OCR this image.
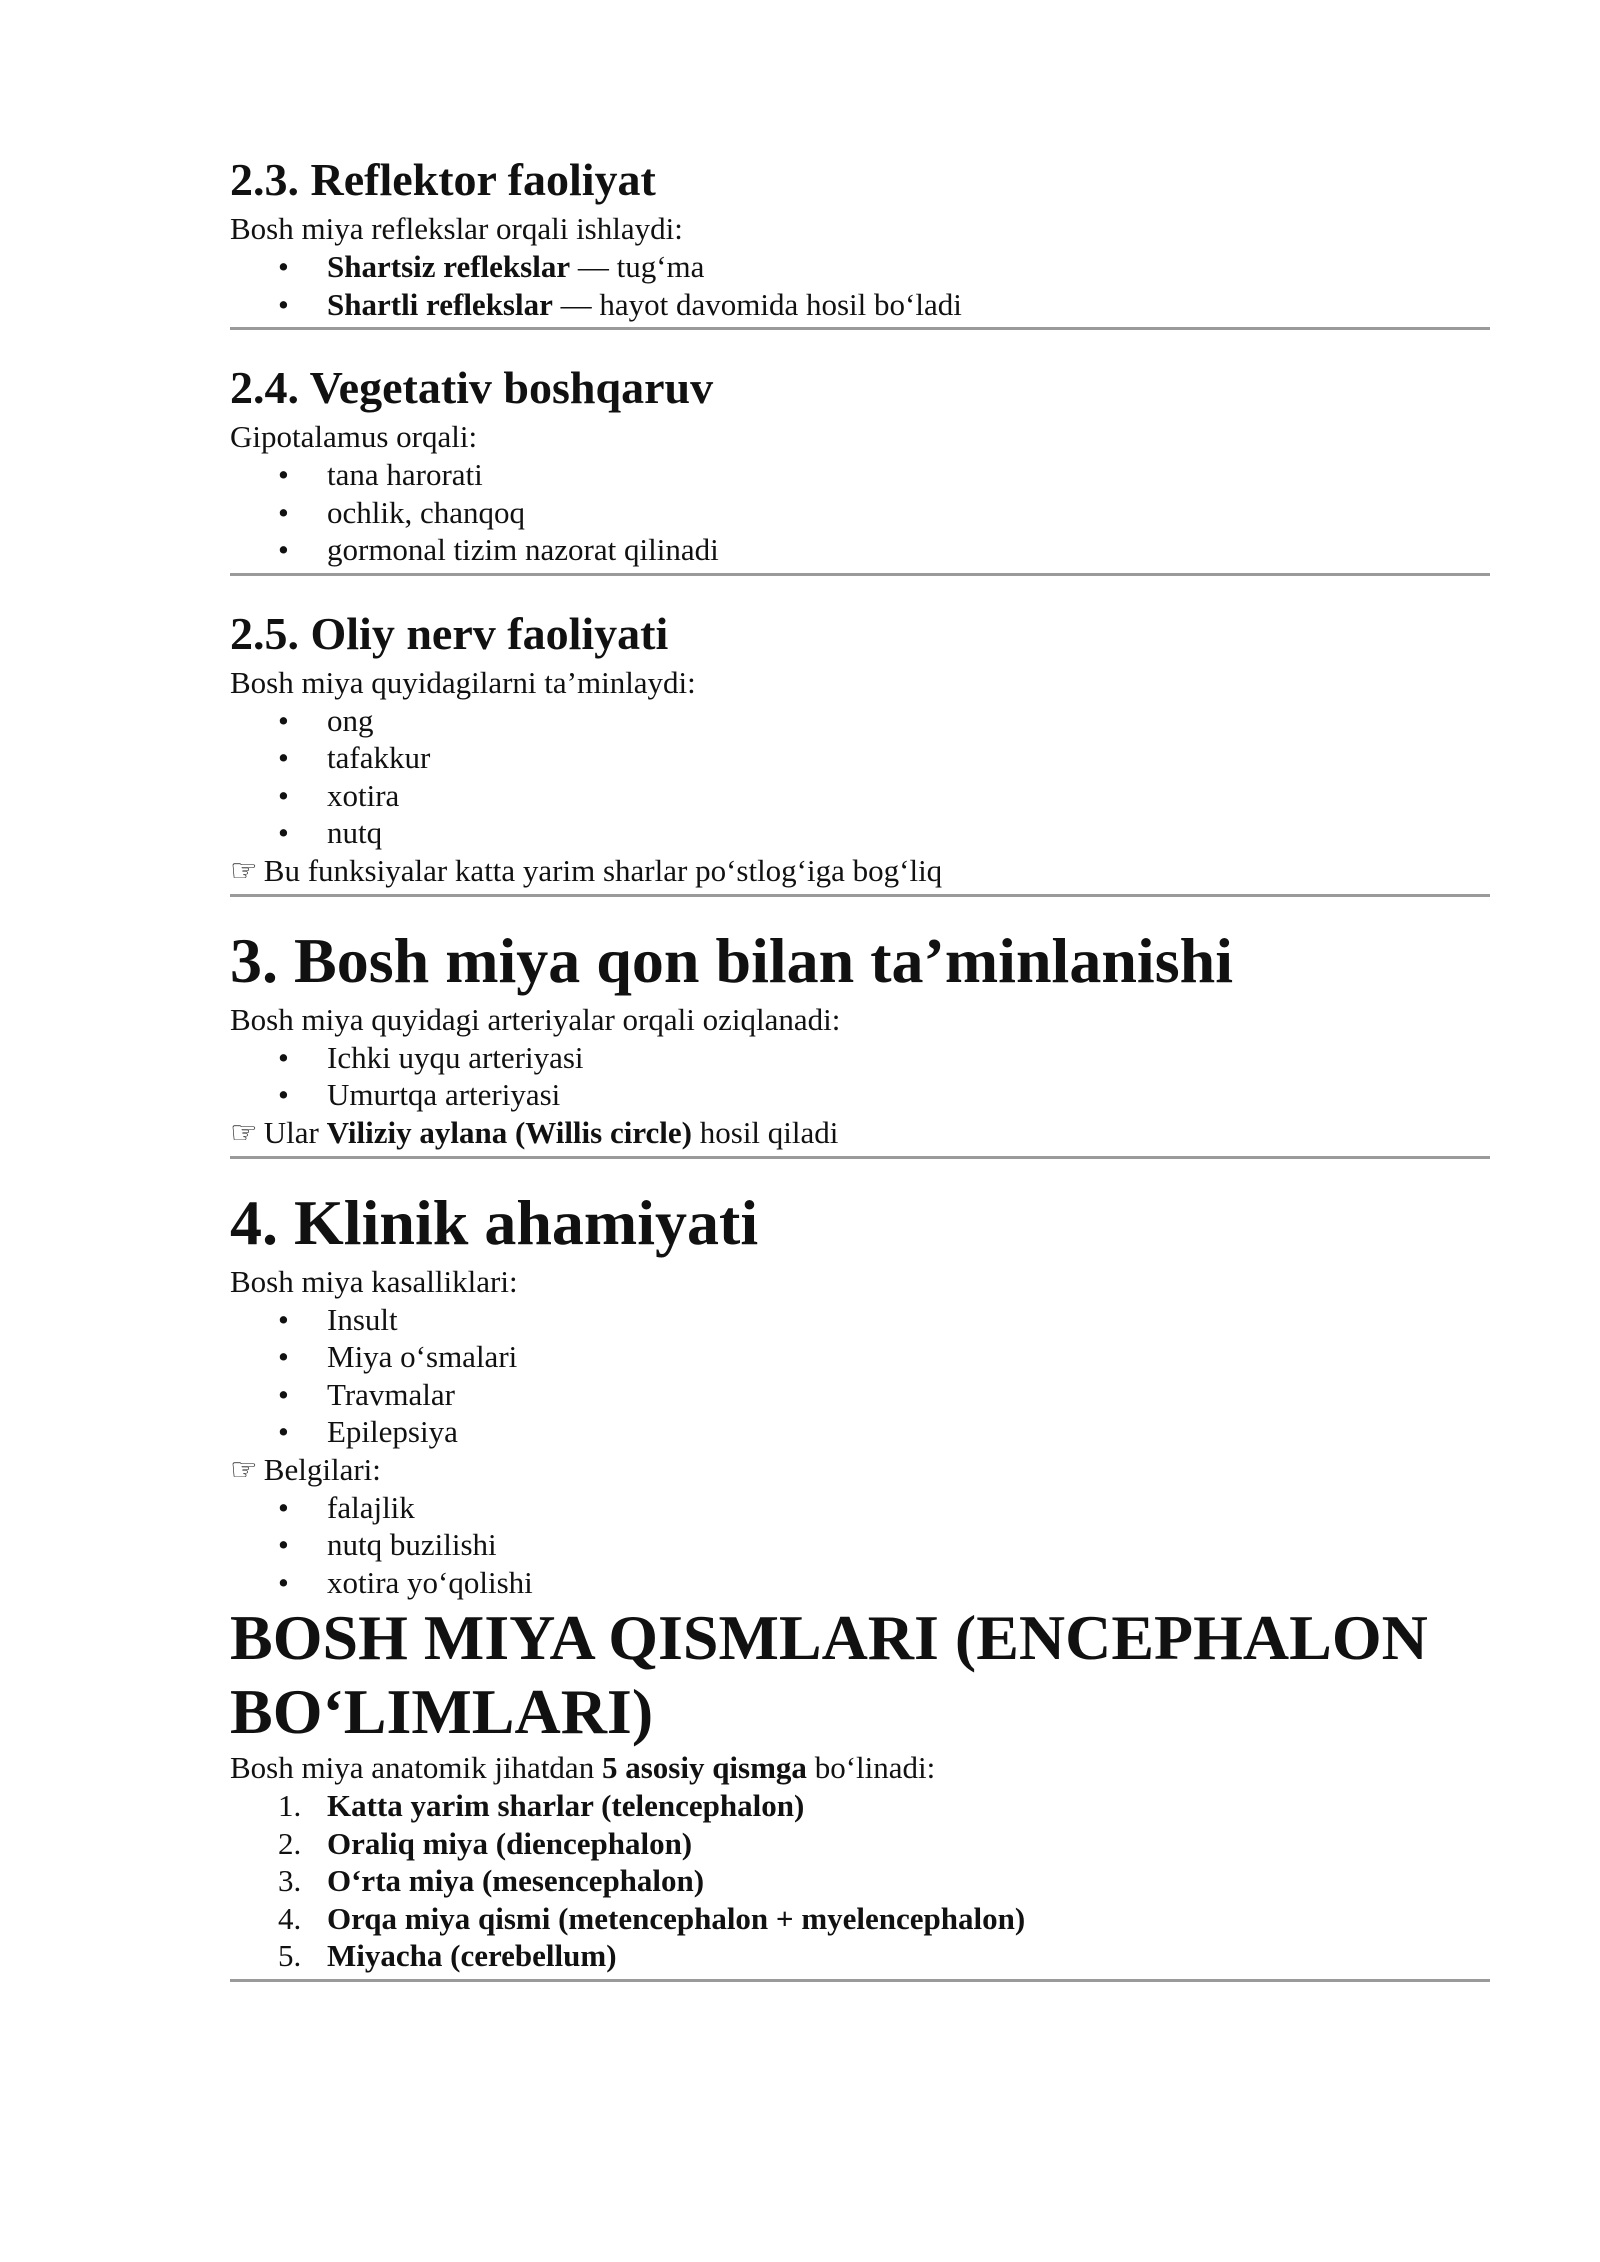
2.3. Reflektor faoliyat

Bosh miya reflekslar orqali ishlaydi:

• Shartsiz reflekslar — tug‘ma
• Shartli reflekslar — hayot davomida hosil bo‘ladi
2.4. Vegetativ boshqaruv

Gipotalamus orqali:

• tana harorati
• ochlik, chanqoq
• gormonal tizim nazorat qilinadi
2.5. Oliy nerv faoliyati

Bosh miya quyidagilarni ta’minlaydi:

• ong
• tafakkur
• xotira
• nutq

☞ Bu funksiyalar katta yarim sharlar po‘stlog‘iga bog‘liq

3. Bosh miya qon bilan ta’minlanishi

Bosh miya quyidagi arteriyalar orqali oziqlanadi:

• Ichki uyqu arteriyasi
• Umurtqa arteriyasi

☞ Ular Viliziy aylana (Willis circle) hosil qiladi

4. Klinik ahamiyati

Bosh miya kasalliklari:

• Insult
• Miya o‘smalari
• Travmalar
• Epilepsiya

☞ Belgilari:

• falajlik
• nutq buzilishi
• xotira yo‘qolishi
BOSH MIYA QISMLARI (ENCEPHALON BO‘LIMLARI)

Bosh miya anatomik jihatdan 5 asosiy qismga bo‘linadi:

1. Katta yarim sharlar (telencephalon)
2. Oraliq miya (diencephalon)
3. O‘rta miya (mesencephalon)
4. Orqa miya qismi (metencephalon + myelencephalon)
5. Miyacha (cerebellum)
